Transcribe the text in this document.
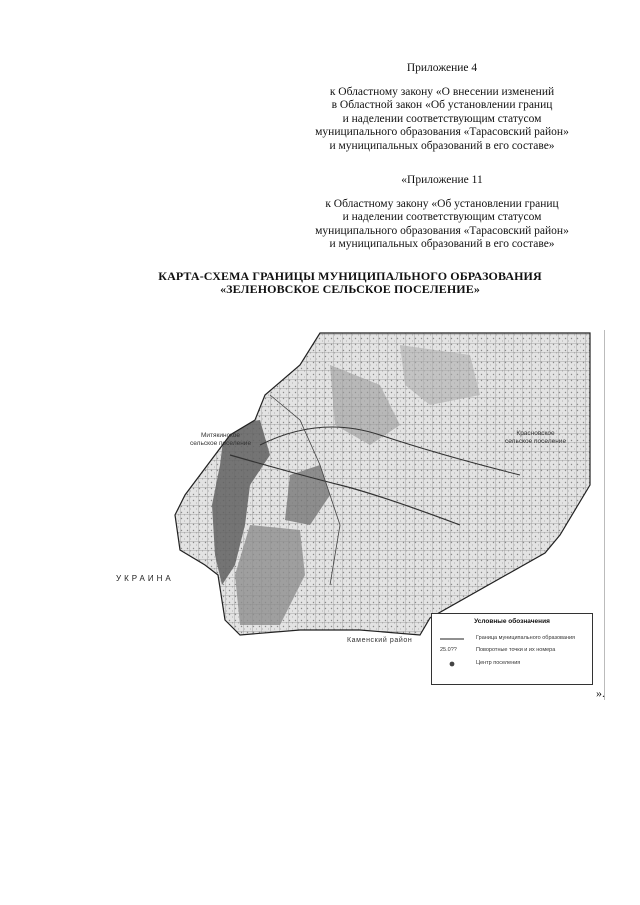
Приложение 4
к Областному закону «О внесении изменений
в Областной закон «Об установлении границ
и наделении соответствующим статусом
муниципального образования «Тарасовский район»
и муниципальных образований в его составе»
«Приложение 11
к Областному закону «Об установлении границ
и наделении соответствующим статусом
муниципального образования «Тарасовский район»
и муниципальных образований в его составе»
КАРТА-СХЕМА ГРАНИЦЫ МУНИЦИПАЛЬНОГО ОБРАЗОВАНИЯ
«ЗЕЛЕНОВСКОЕ СЕЛЬСКОЕ ПОСЕЛЕНИЕ»
УКРАИНА
Митякинское
сельское поселение
Красновское
сельское поселение
Каменский район
Условные обозначения
Граница муниципального образования
25.0??	Поворотные точки и их номера
Центр поселения
».
